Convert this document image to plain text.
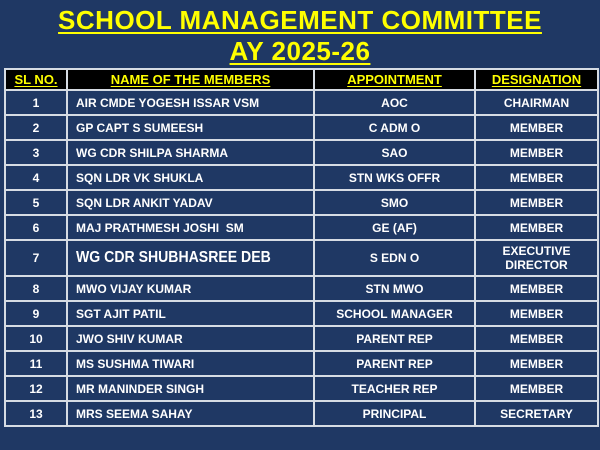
SCHOOL MANAGEMENT COMMITTEE
AY 2025-26
SL NO.	NAME OF THE MEMBERS	APPOINTMENT	DESIGNATION
1	AIR CMDE YOGESH ISSAR VSM	AOC	CHAIRMAN
2	GP CAPT S SUMEESH	C ADM O	MEMBER
3	WG CDR SHILPA SHARMA	SAO	MEMBER
4	SQN LDR VK SHUKLA	STN WKS OFFR	MEMBER
5	SQN LDR ANKIT YADAV	SMO	MEMBER
6	MAJ PRATHMESH JOSHI  SM	GE (AF)	MEMBER
7	WG CDR SHUBHASREE DEB	S EDN O	EXECUTIVE DIRECTOR
8	MWO VIJAY KUMAR	STN MWO	MEMBER
9	SGT AJIT PATIL	SCHOOL MANAGER	MEMBER
10	JWO SHIV KUMAR	PARENT REP	MEMBER
11	MS SUSHMA TIWARI	PARENT REP	MEMBER
12	MR MANINDER SINGH	TEACHER REP	MEMBER
13	MRS SEEMA SAHAY	PRINCIPAL	SECRETARY
